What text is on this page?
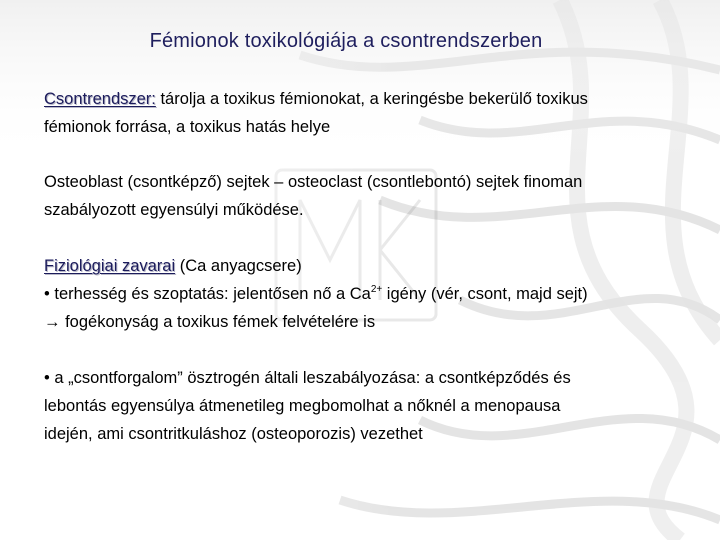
Fémionok toxikológiája a csontrendszerben
Csontrendszer: tárolja a toxikus fémionokat, a keringésbe bekerülő toxikus
fémionok forrása, a toxikus hatás helye
Osteoblast (csontképző) sejtek – osteoclast (csontlebontó) sejtek finoman
szabályozott egyensúlyi működése.
Fiziológiai zavarai (Ca anyagcsere)
• terhesség és szoptatás: jelentősen nő a $Ca^{2+}$ igény (vér, csont, majd sejt)
→ fogékonyság a toxikus fémek felvételére is
• a „csontforgalom” ösztrogén általi leszabályozása: a csontképződés és
lebontás egyensúlya átmenetileg megbomolhat a nőknél a menopausa
idején, ami csontritkuláshoz (osteoporozis) vezethet
